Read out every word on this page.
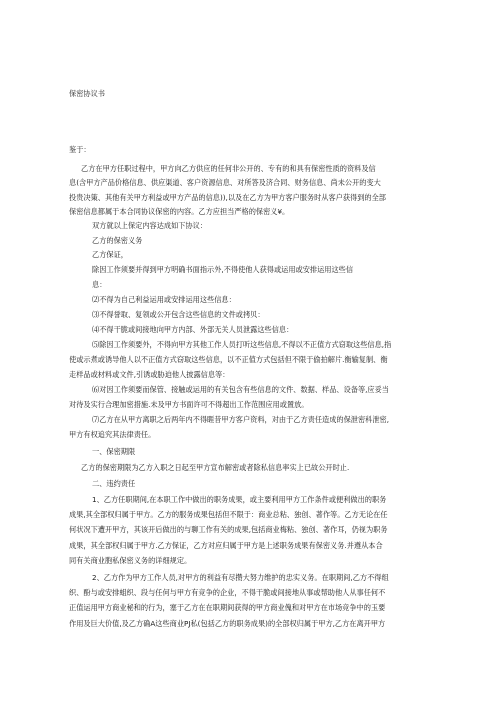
保密协议书
鉴于：
乙方在甲方任职过程中，甲方向乙方供应的任何非公开的、专有的和具有保密性质的资料及信
息(含甲方产品价格信息、供应渠道、客户资源信息、对所答及济合同、财务信息、尚未公开的变大
投贵决策、其他有关甲方利益或甲方产品的信息)),以及在乙方为甲方客户服务时从客户获得到的全部
保密信息都属于本合同协议保密的内容。乙方应担当严格的保密义¥。
双方就以上保定内容达成如下协议：
乙方的保密义务
乙方保证，
除因工作须要并得到甲方明确书面指示外,不得使他人获得或运用或安排运用这些信
息：
⑵不得为自己利益运用或安排运用这些信息：
⑶不得誉取、复领或公开包含这些信息的文件或拷贝：
⑷不得干脆或间接地向甲方内部、外部无关人员泄露这些信息：
⑸除因工作须要外，不得向甲方其他工作人员打听这些信息,不得以不正值方式窃取这些信息,指
使或示煮或诱导他人以不正值方式窃取这些信息，以不正值方式包括但不限于偷拍解片.衡输复制、衡
走样品或材料或文件,引诱或胁迫他人披露信息等：
⑹对因工作须要而保管、接触或运用的有关包含有些信息的文件、数据、样品、设备等,应妥当
对待及实行合理加密措施.未及甲方书面许可不得超出工作范围应用或置放。
⑺乙方在从甲方离职之后两年内不得睚昔甲方客户资料，对由于乙方责任造成的保泄密科泄密,
甲方有权追究其法律责任。
一、保密期限
乙方的保密期限为乙方入职之日起至甲方宣布解密或者除私信息率实上已故公开时止.
二、违约责任
1、乙方任职期间,在本职工作中做出的职务成果，或主要利用甲方工作条件或便利做出的职务
成果,其全部权归属于甲方。乙方的服务成果包括但不限于：商业总粘、独创、著作等。乙方无论在任
何状况下遭开甲方，其该开后做出的与聊工作有关的成果,包括商业梅粘、独创、著作耳，仍视为职务
成果，其全部权归属于甲方.乙方保证，乙方对应归属于甲方是上述职务成果有保密义务.并遵从本合
同有关商业胞私保密义务的详细规定。
2、乙方作为甲方工作人员,对甲方的利益有尽攒大努力维护的忠实义务。在职期间,乙方不得组
织、酚与或安排蛆织、段与任何与甲方有竞争的企业，不得干脆或间接地从事或帮助他人从事任何不
正值运用甲方商业秘和的行为，塞于乙方在在职期间获得的甲方商业傀和对甲方在市场竞争中的玉要
作用及巨大价值,及乙方确A这些商业PJ私(包括乙方的职务成果)的全部权归属于甲方,乙方在离开甲方
